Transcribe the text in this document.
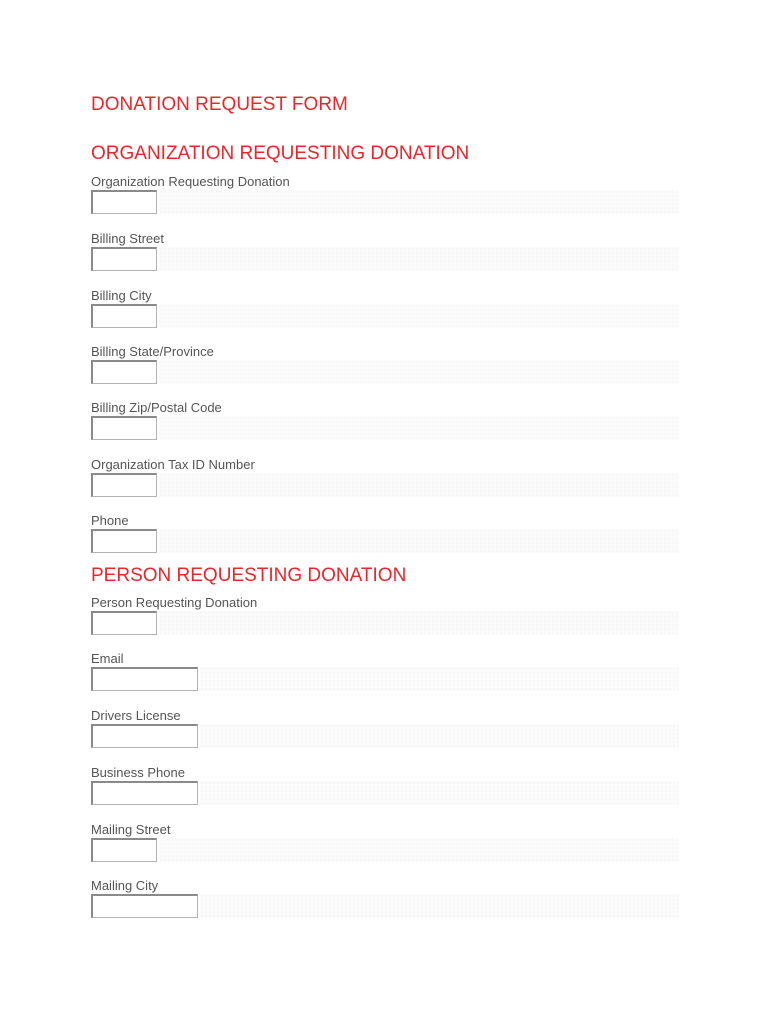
DONATION REQUEST FORM
ORGANIZATION REQUESTING DONATION
Organization Requesting Donation
Billing Street
Billing City
Billing State/Province
Billing Zip/Postal Code
Organization Tax ID Number
Phone
PERSON REQUESTING DONATION
Person Requesting Donation
Email
Drivers License
Business Phone
Mailing Street
Mailing City
